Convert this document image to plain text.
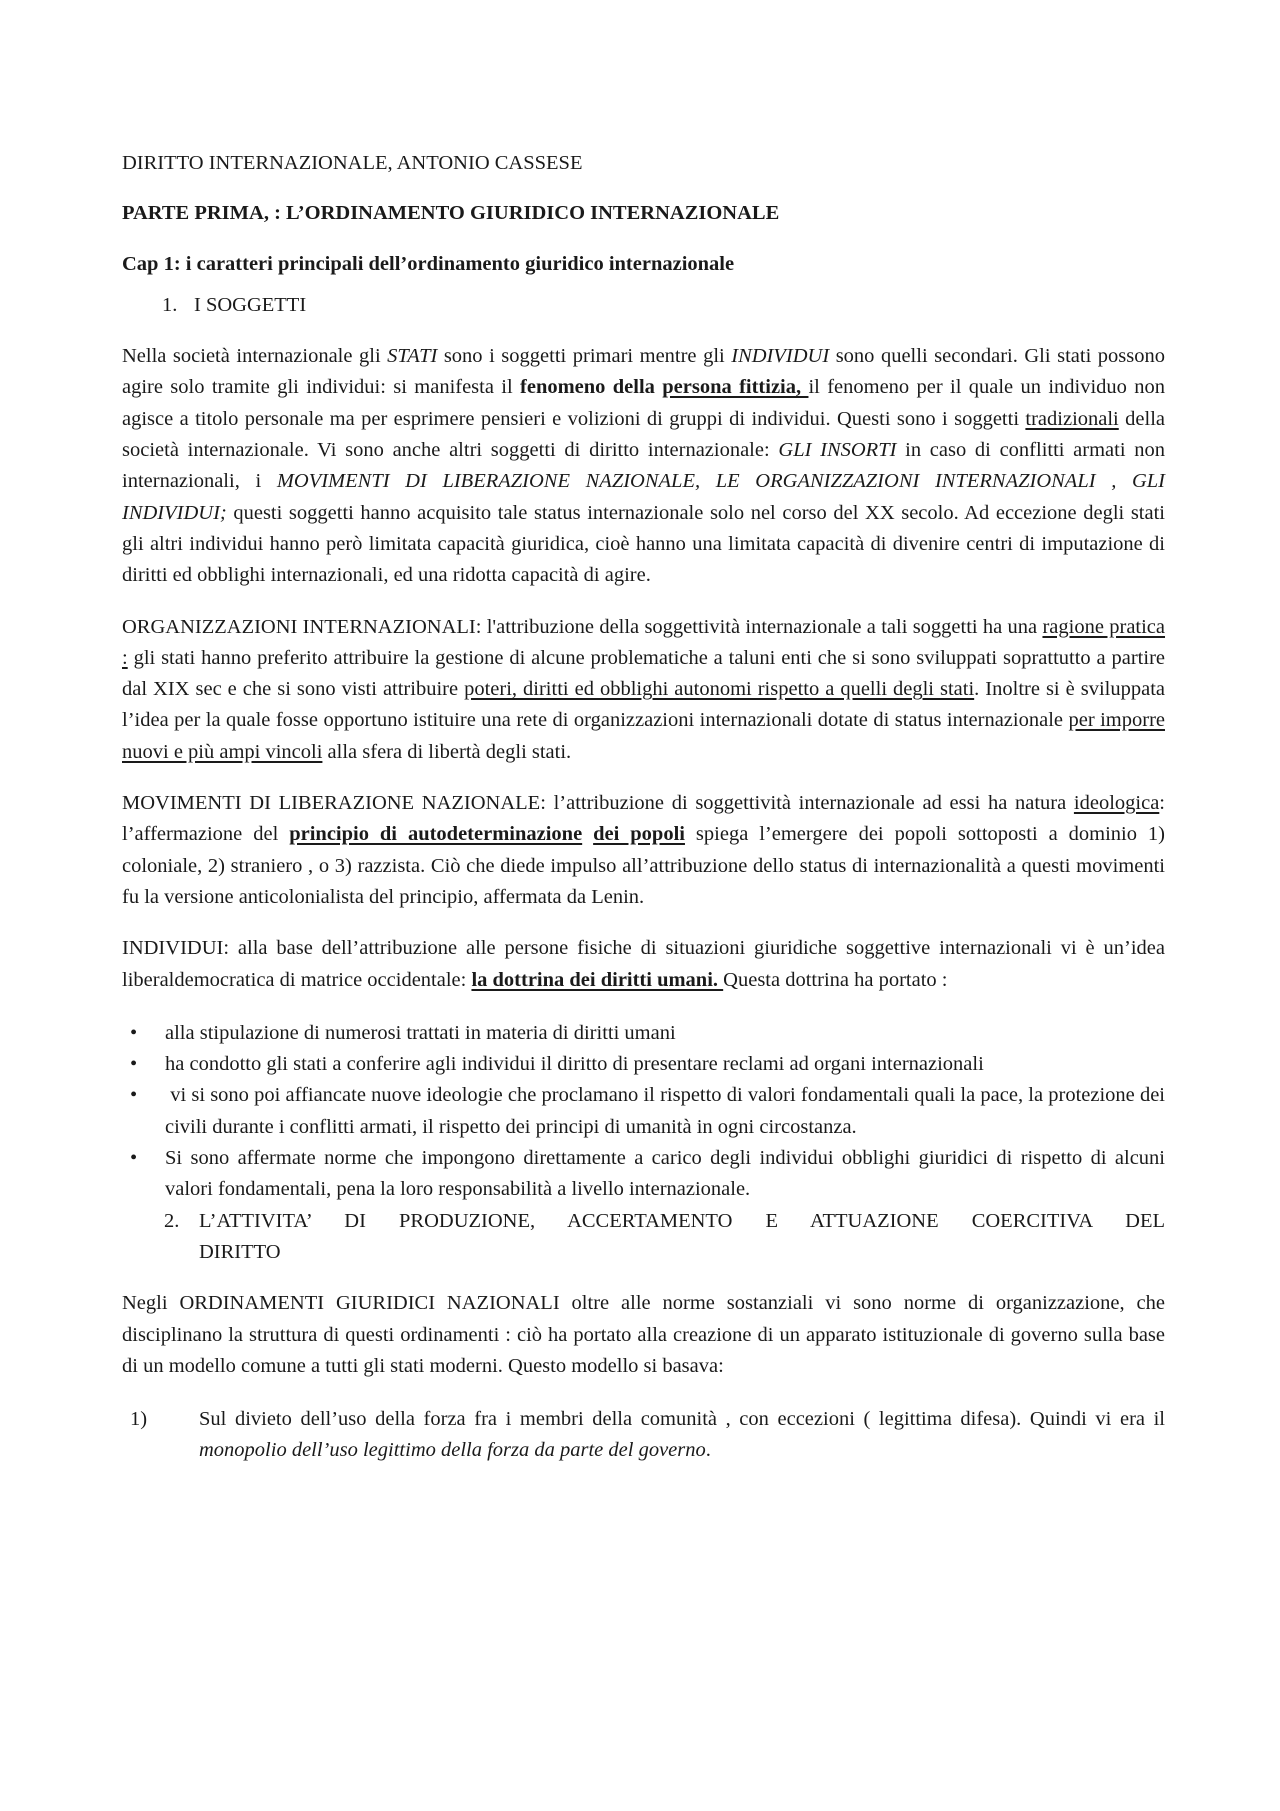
DIRITTO INTERNAZIONALE, ANTONIO CASSESE

PARTE PRIMA, : L’ORDINAMENTO GIURIDICO INTERNAZIONALE

Cap 1: i caratteri principali dell’ordinamento giuridico internazionale

1. I SOGGETTI

Nella società internazionale gli STATI sono i soggetti primari mentre gli INDIVIDUI sono quelli secondari. Gli stati possono agire solo tramite gli individui: si manifesta il fenomeno della persona fittizia, il fenomeno per il quale un individuo non agisce a titolo personale ma per esprimere pensieri e volizioni di gruppi di individui. Questi sono i soggetti tradizionali della società internazionale. Vi sono anche altri soggetti di diritto internazionale: GLI INSORTI in caso di conflitti armati non internazionali, i MOVIMENTI DI LIBERAZIONE NAZIONALE, LE ORGANIZZAZIONI INTERNAZIONALI , GLI INDIVIDUI; questi soggetti hanno acquisito tale status internazionale solo nel corso del XX secolo. Ad eccezione degli stati gli altri individui hanno però limitata capacità giuridica, cioè hanno una limitata capacità di divenire centri di imputazione di diritti ed obblighi internazionali, ed una ridotta capacità di agire.

ORGANIZZAZIONI INTERNAZIONALI: l'attribuzione della soggettività internazionale a tali soggetti ha una ragione pratica : gli stati hanno preferito attribuire la gestione di alcune problematiche a taluni enti che si sono sviluppati soprattutto a partire dal XIX sec e che si sono visti attribuire poteri, diritti ed obblighi autonomi rispetto a quelli degli stati. Inoltre si è sviluppata l’idea per la quale fosse opportuno istituire una rete di organizzazioni internazionali dotate di status internazionale per imporre nuovi e più ampi vincoli alla sfera di libertà degli stati.

MOVIMENTI DI LIBERAZIONE NAZIONALE: l’attribuzione di soggettività internazionale ad essi ha natura ideologica: l’affermazione del principio di autodeterminazione dei popoli spiega l’emergere dei popoli sottoposti a dominio 1) coloniale, 2) straniero , o 3) razzista. Ciò che diede impulso all’attribuzione dello status di internazionalità a questi movimenti fu la versione anticolonialista del principio, affermata da Lenin.

INDIVIDUI: alla base dell’attribuzione alle persone fisiche di situazioni giuridiche soggettive internazionali vi è un’idea liberaldemocratica di matrice occidentale: la dottrina dei diritti umani. Questa dottrina ha portato :

• alla stipulazione di numerosi trattati in materia di diritti umani
• ha condotto gli stati a conferire agli individui il diritto di presentare reclami ad organi internazionali
• vi si sono poi affiancate nuove ideologie che proclamano il rispetto di valori fondamentali quali la pace, la protezione dei civili durante i conflitti armati, il rispetto dei principi di umanità in ogni circostanza.
• Si sono affermate norme che impongono direttamente a carico degli individui obblighi giuridici di rispetto di alcuni valori fondamentali, pena la loro responsabilità a livello internazionale.
2. L’ATTIVITA’ DI PRODUZIONE, ACCERTAMENTO E ATTUAZIONE COERCITIVA DEL
DIRITTO

Negli ORDINAMENTI GIURIDICI NAZIONALI oltre alle norme sostanziali vi sono norme di organizzazione, che disciplinano la struttura di questi ordinamenti : ciò ha portato alla creazione di un apparato istituzionale di governo sulla base di un modello comune a tutti gli stati moderni. Questo modello si basava:

1)	Sul divieto dell’uso della forza fra i membri della comunità , con eccezioni ( legittima difesa). Quindi vi era il monopolio dell’uso legittimo della forza da parte del governo.
